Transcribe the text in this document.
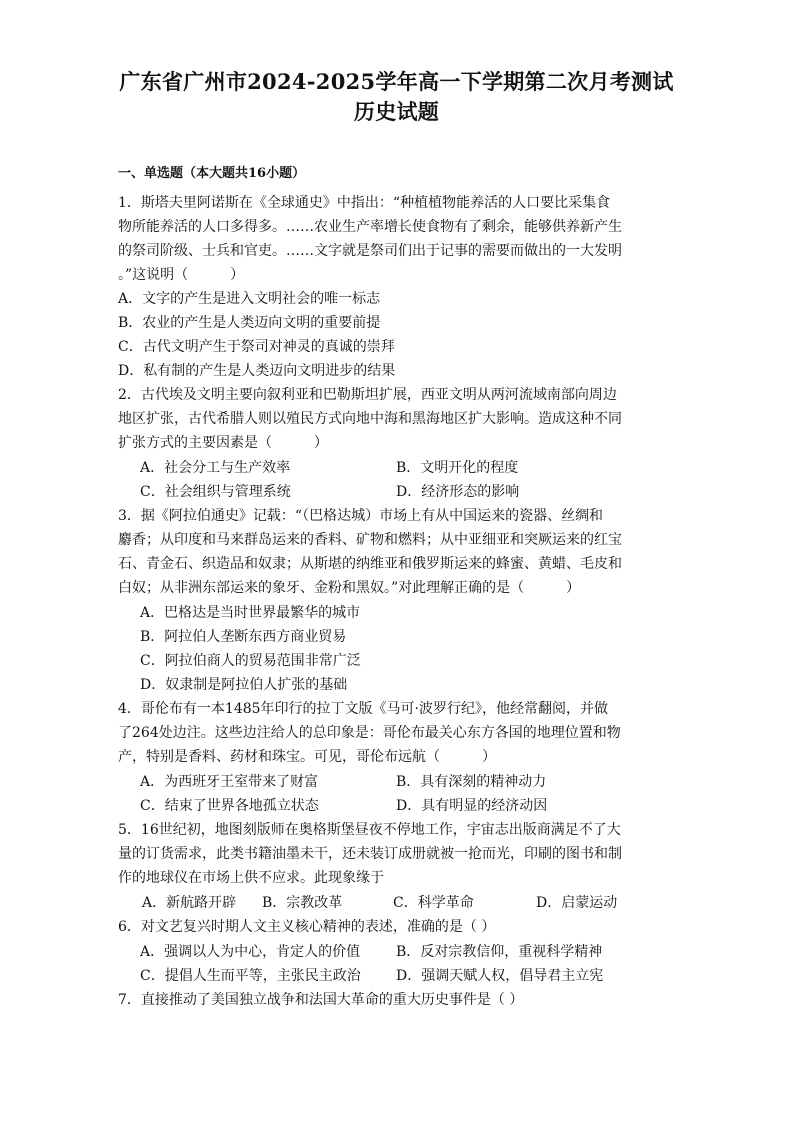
广东省广州市2024-2025学年高一下学期第二次月考测试
历史试题
一、单选题（本大题共16小题）
1．斯塔夫里阿诺斯在《全球通史》中指出：“种植植物能养活的人口要比采集食
物所能养活的人口多得多。……农业生产率增长使食物有了剩余，能够供养新产生
的祭司阶级、士兵和官吏。……文字就是祭司们出于记事的需要而做出的一大发明
。”这说明（　　　）
A．文字的产生是进入文明社会的唯一标志
B．农业的产生是人类迈向文明的重要前提
C．古代文明产生于祭司对神灵的真诚的崇拜
D．私有制的产生是人类迈向文明进步的结果
2．古代埃及文明主要向叙利亚和巴勒斯坦扩展，西亚文明从两河流域南部向周边
地区扩张，古代希腊人则以殖民方式向地中海和黑海地区扩大影响。造成这种不同
扩张方式的主要因素是（　　　）
A．社会分工与生产效率	B．文明开化的程度
C．社会组织与管理系统	D．经济形态的影响
3．据《阿拉伯通史》记载：“（巴格达城）市场上有从中国运来的瓷器、丝绸和
麝香；从印度和马来群岛运来的香料、矿物和燃料；从中亚细亚和突厥运来的红宝
石、青金石、织造品和奴隶；从斯堪的纳维亚和俄罗斯运来的蜂蜜、黄蜡、毛皮和
白奴；从非洲东部运来的象牙、金粉和黑奴。”对此理解正确的是（　　　）
A．巴格达是当时世界最繁华的城市
B．阿拉伯人垄断东西方商业贸易
C．阿拉伯商人的贸易范围非常广泛
D．奴隶制是阿拉伯人扩张的基础
4．哥伦布有一本1485年印行的拉丁文版《马可·波罗行纪》，他经常翻阅，并做
了264处边注。这些边注给人的总印象是：哥伦布最关心东方各国的地理位置和物
产，特别是香料、药材和珠宝。可见，哥伦布远航（　　　）
A．为西班牙王室带来了财富	B．具有深刻的精神动力
C．结束了世界各地孤立状态	D．具有明显的经济动因
5．16世纪初，地图刻版师在奥格斯堡昼夜不停地工作，宇宙志出版商满足不了大
量的订货需求，此类书籍油墨未干，还未装订成册就被一抢而光，印刷的图书和制
作的地球仪在市场上供不应求。此现象缘于
A．新航路开辟 B．宗教改革	C．科学革命	D．启蒙运动
6．对文艺复兴时期人文主义核心精神的表述，准确的是（ ）
A．强调以人为中心，肯定人的价值	B．反对宗教信仰，重视科学精神
C．提倡人生而平等，主张民主政治	D．强调天赋人权，倡导君主立宪
7．直接推动了美国独立战争和法国大革命的重大历史事件是（ ）
